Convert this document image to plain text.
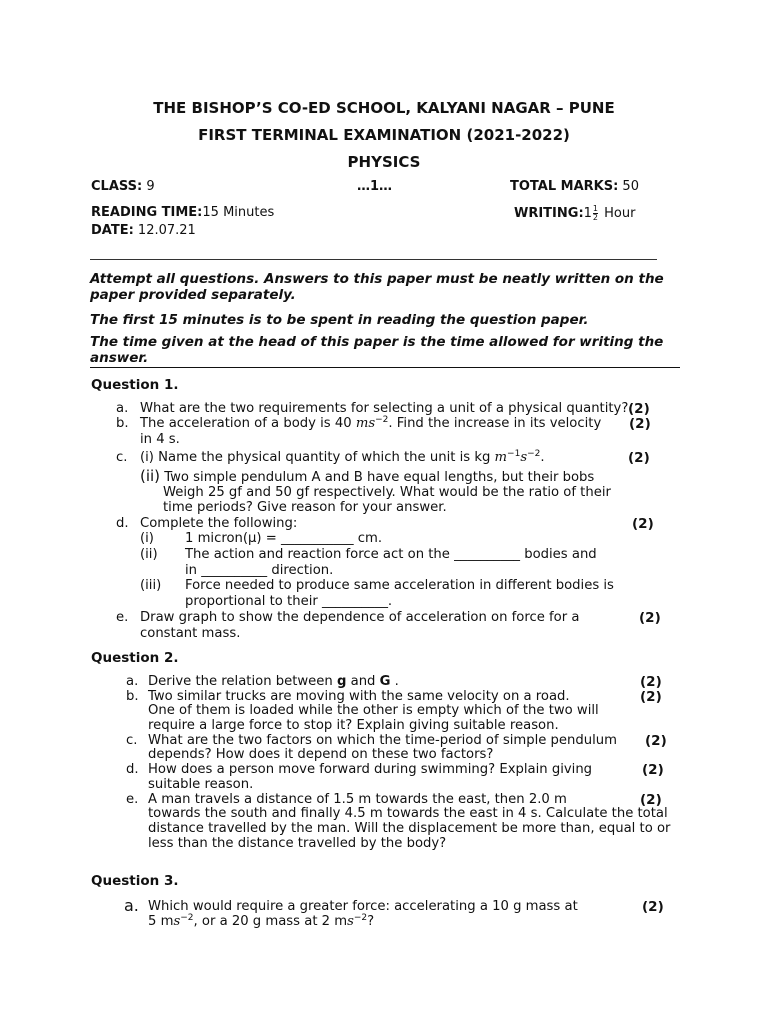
THE BISHOP’S CO-ED SCHOOL, KALYANI NAGAR – PUNE
FIRST TERMINAL EXAMINATION (2021-2022)
PHYSICS
CLASS: 9	…1…	TOTAL MARKS: 50
READING TIME:15 Minutes	WRITING:1 $\frac{1}{2}$ Hour
DATE: 12.07.21
Attempt all questions. Answers to this paper must be neatly written on the paper provided separately.
The first 15 minutes is to be spent in reading the question paper.
The time given at the head of this paper is the time allowed for writing the answer.
Question 1.
a. What are the two requirements for selecting a unit of a physical quantity? (2)
b. The acceleration of a body is 40 $ms^{-2}$. Find the increase in its velocity
in 4 s.
(2)
c. (i) Name the physical quantity of which the unit is kg $m^{-1}s^{-2}$.	(2)
(ii) Two simple pendulum A and B have equal lengths, but their bobs
Weigh 25 gf and 50 gf respectively. What would be the ratio of their
time periods? Give reason for your answer.
d. Complete the following:	(2)
(i) 1 micron(μ) = ___________ cm.
(ii) The action and reaction force act on the __________ bodies and
in __________ direction.
(iii) Force needed to produce same acceleration in different bodies is
proportional to their __________.
e. Draw graph to show the dependence of acceleration on force for a
constant mass.
(2)
Question 2.
a. Derive the relation between g and G .	(2)
b. Two similar trucks are moving with the same velocity on a road.
One of them is loaded while the other is empty which of the two will
require a large force to stop it? Explain giving suitable reason.
(2)
c. What are the two factors on which the time-period of simple pendulum
depends? How does it depend on these two factors?
(2)
d. How does a person move forward during swimming? Explain giving
suitable reason.
(2)
e. A man travels a distance of 1.5 m towards the east, then 2.0 m
towards the south and finally 4.5 m towards the east in 4 s. Calculate the total
distance travelled by the man. Will the displacement be more than, equal to or
less than the distance travelled by the body?
(2)
Question 3.
a. Which would require a greater force: accelerating a 10 g mass at
5 $ms^{-2}$, or a 20 g mass at 2 $ms^{-2}$?
(2)
